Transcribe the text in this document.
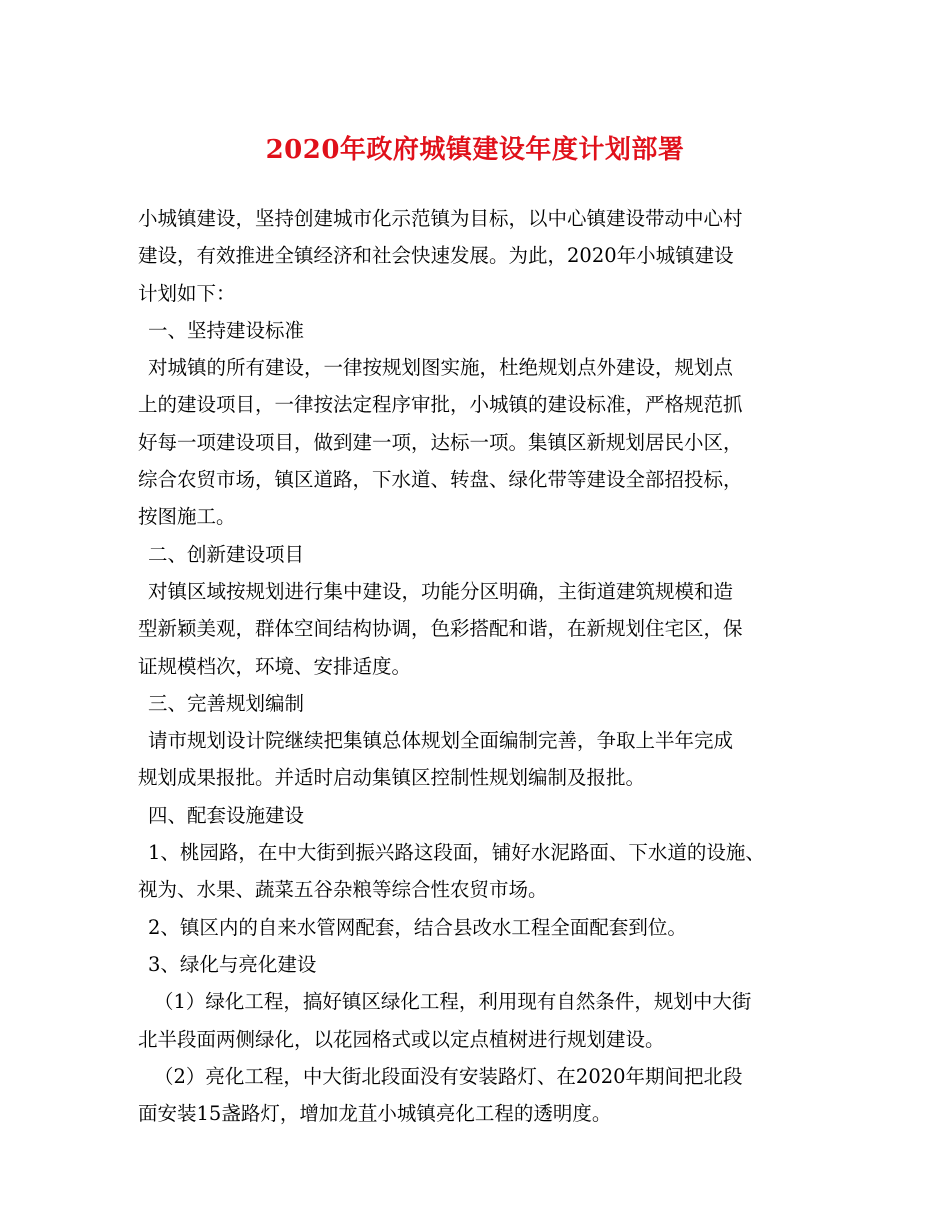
2020年政府城镇建设年度计划部署
小城镇建设，坚持创建城市化示范镇为目标，以中心镇建设带动中心村
建设，有效推进全镇经济和社会快速发展。为此，2020年小城镇建设
计划如下：
一、坚持建设标准
对城镇的所有建设，一律按规划图实施，杜绝规划点外建设，规划点
上的建设项目，一律按法定程序审批，小城镇的建设标准，严格规范抓
好每一项建设项目，做到建一项，达标一项。集镇区新规划居民小区，
综合农贸市场，镇区道路，下水道、转盘、绿化带等建设全部招投标，
按图施工。
二、创新建设项目
对镇区域按规划进行集中建设，功能分区明确，主街道建筑规模和造
型新颖美观，群体空间结构协调，色彩搭配和谐，在新规划住宅区，保
证规模档次，环境、安排适度。
三、完善规划编制
请市规划设计院继续把集镇总体规划全面编制完善，争取上半年完成
规划成果报批。并适时启动集镇区控制性规划编制及报批。
四、配套设施建设
1、桃园路，在中大街到振兴路这段面，铺好水泥路面、下水道的设施、
视为、水果、蔬菜五谷杂粮等综合性农贸市场。
2、镇区内的自来水管网配套，结合县改水工程全面配套到位。
3、绿化与亮化建设
（1）绿化工程，搞好镇区绿化工程，利用现有自然条件，规划中大街
北半段面两侧绿化，以花园格式或以定点植树进行规划建设。
（2）亮化工程，中大街北段面没有安装路灯、在2020年期间把北段
面安装15盏路灯，增加龙苴小城镇亮化工程的透明度。
